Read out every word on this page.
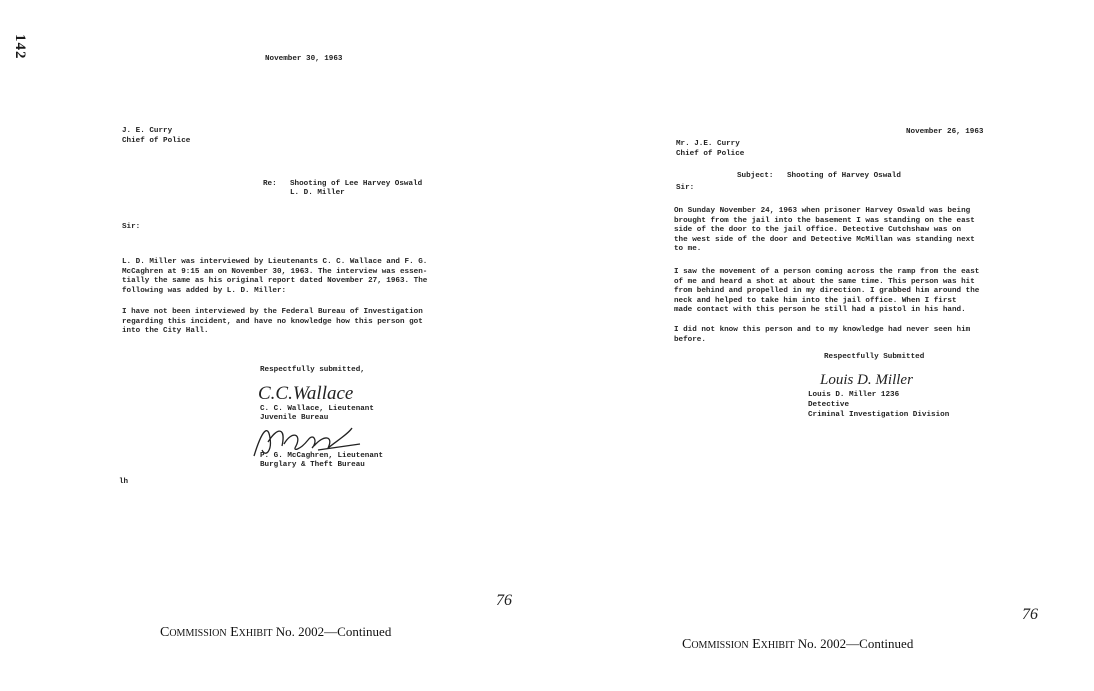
142	November 30, 1963
J. E. Curry
Chief of Police
Re: Shooting of Lee Harvey Oswald
L. D. Miller
Sir:
L. D. Miller was interviewed by Lieutenants C. C. Wallace and F. G.
McCaghren at 9:15 am on November 30, 1963. The interview was essen-
tially the same as his original report dated November 27, 1963. The
following was added by L. D. Miller:
I have not been interviewed by the Federal Bureau of Investigation
regarding this incident, and have no knowledge how this person got
into the City Hall.
Respectfully submitted,
C.C.Wallace
C. C. Wallace, Lieutenant
Juvenile Bureau
P. G. McCaghren, Lieutenant
Burglary & Theft Bureau
lh
76
Commission Exhibit No. 2002—Continued
November 26, 1963
Mr. J.E. Curry
Chief of Police
Subject: Shooting of Harvey Oswald
Sir:
On Sunday November 24, 1963 when prisoner Harvey Oswald was being
brought from the jail into the basement I was standing on the east
side of the door to the jail office. Detective Cutchshaw was on
the west side of the door and Detective McMillan was standing next
to me.
I saw the movement of a person coming across the ramp from the east
of me and heard a shot at about the same time. This person was hit
from behind and propelled in my direction. I grabbed him around the
neck and helped to take him into the jail office. When I first
made contact with this person he still had a pistol in his hand.
I did not know this person and to my knowledge had never seen him
before.
Respectfully Submitted
Louis D. Miller
Louis D. Miller 1236
Detective
Criminal Investigation Division
76
Commission Exhibit No. 2002—Continued
